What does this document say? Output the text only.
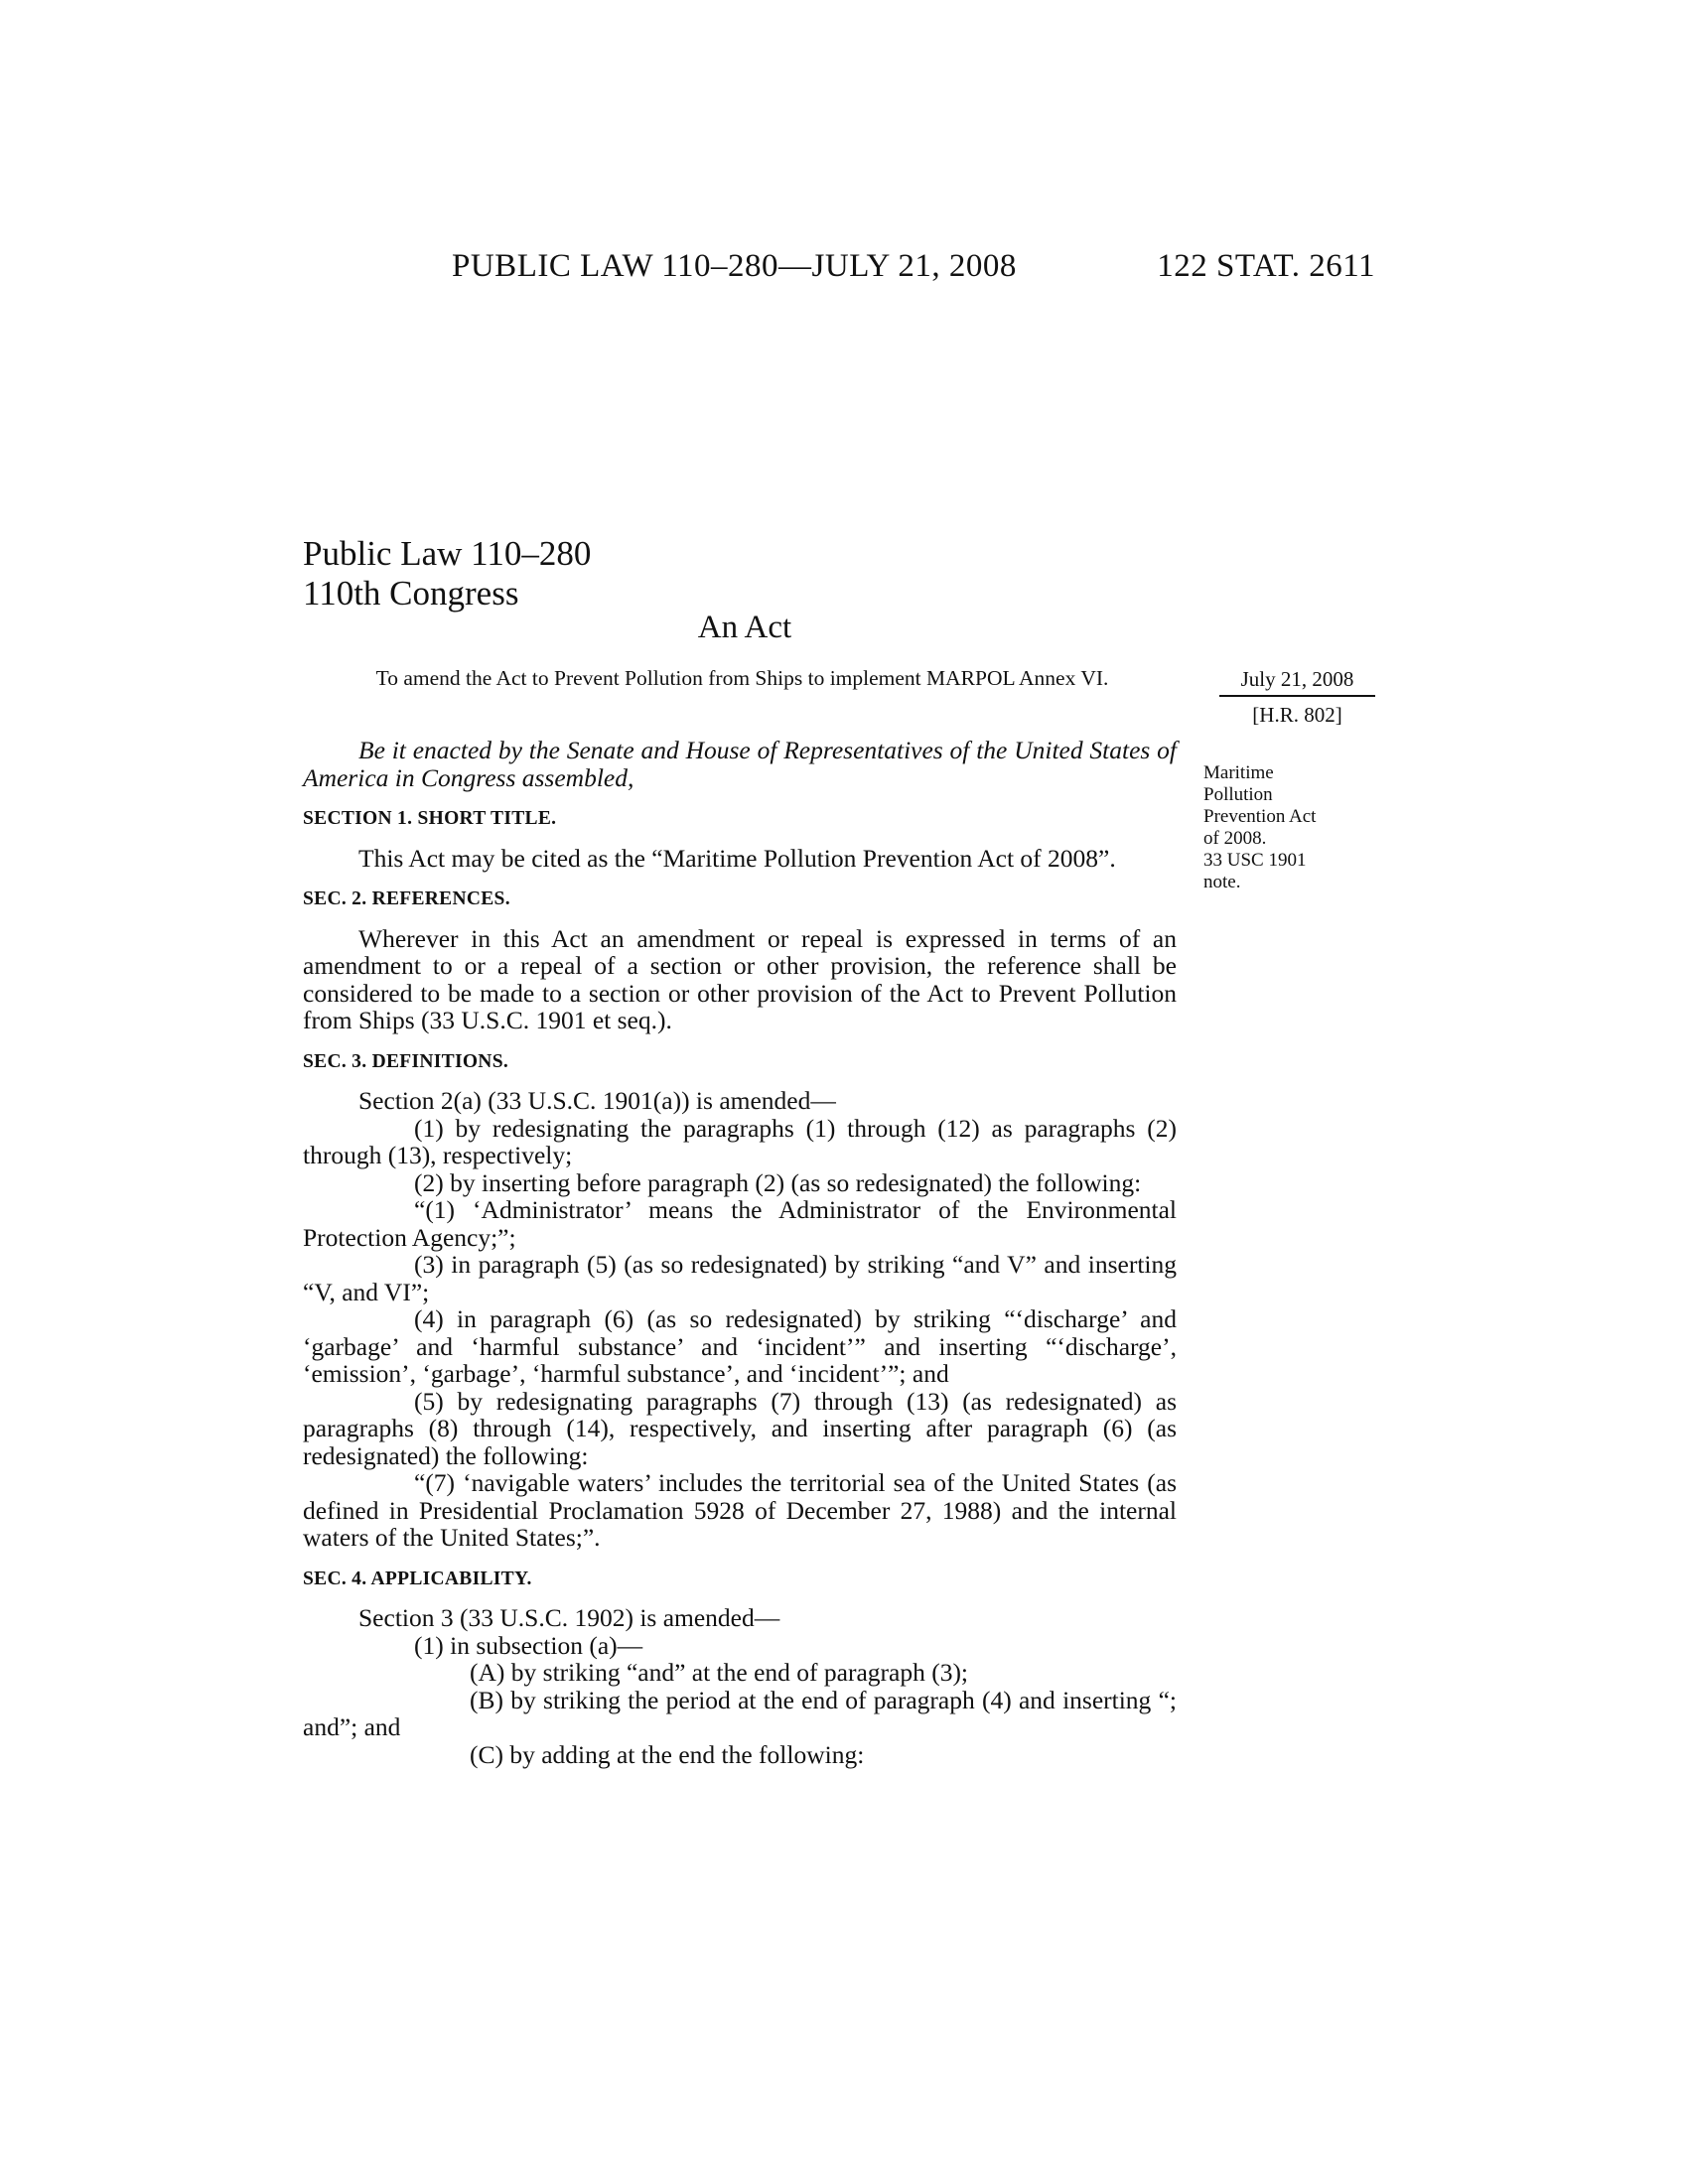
PUBLIC LAW 110–280—JULY 21, 2008	122 STAT. 2611
Public Law 110–280
110th Congress
An Act
To amend the Act to Prevent Pollution from Ships to implement MARPOL Annex VI.	July 21, 2008
[H.R. 802]
Maritime
Pollution
Prevention Act
of 2008.
33 USC 1901
note.

Be it enacted by the Senate and House of Representatives of the United States of America in Congress assembled,

SECTION 1. SHORT TITLE.

This Act may be cited as the “Maritime Pollution Prevention Act of 2008”.

SEC. 2. REFERENCES.

Wherever in this Act an amendment or repeal is expressed in terms of an amendment to or a repeal of a section or other provision, the reference shall be considered to be made to a section or other provision of the Act to Prevent Pollution from Ships (33 U.S.C. 1901 et seq.).

SEC. 3. DEFINITIONS.

Section 2(a) (33 U.S.C. 1901(a)) is amended—

(1) by redesignating the paragraphs (1) through (12) as paragraphs (2) through (13), respectively;

(2) by inserting before paragraph (2) (as so redesignated) the following:

“(1) ‘Administrator’ means the Administrator of the Environmental Protection Agency;”;

(3) in paragraph (5) (as so redesignated) by striking “and V” and inserting “V, and VI”;

(4) in paragraph (6) (as so redesignated) by striking “‘discharge’ and ‘garbage’ and ‘harmful substance’ and ‘incident’” and inserting “‘discharge’, ‘emission’, ‘garbage’, ‘harmful substance’, and ‘incident’”; and

(5) by redesignating paragraphs (7) through (13) (as redesignated) as paragraphs (8) through (14), respectively, and inserting after paragraph (6) (as redesignated) the following:

“(7) ‘navigable waters’ includes the territorial sea of the United States (as defined in Presidential Proclamation 5928 of December 27, 1988) and the internal waters of the United States;”.

SEC. 4. APPLICABILITY.

Section 3 (33 U.S.C. 1902) is amended—

(1) in subsection (a)—

(A) by striking “and” at the end of paragraph (3);

(B) by striking the period at the end of paragraph (4) and inserting “; and”; and

(C) by adding at the end the following:
